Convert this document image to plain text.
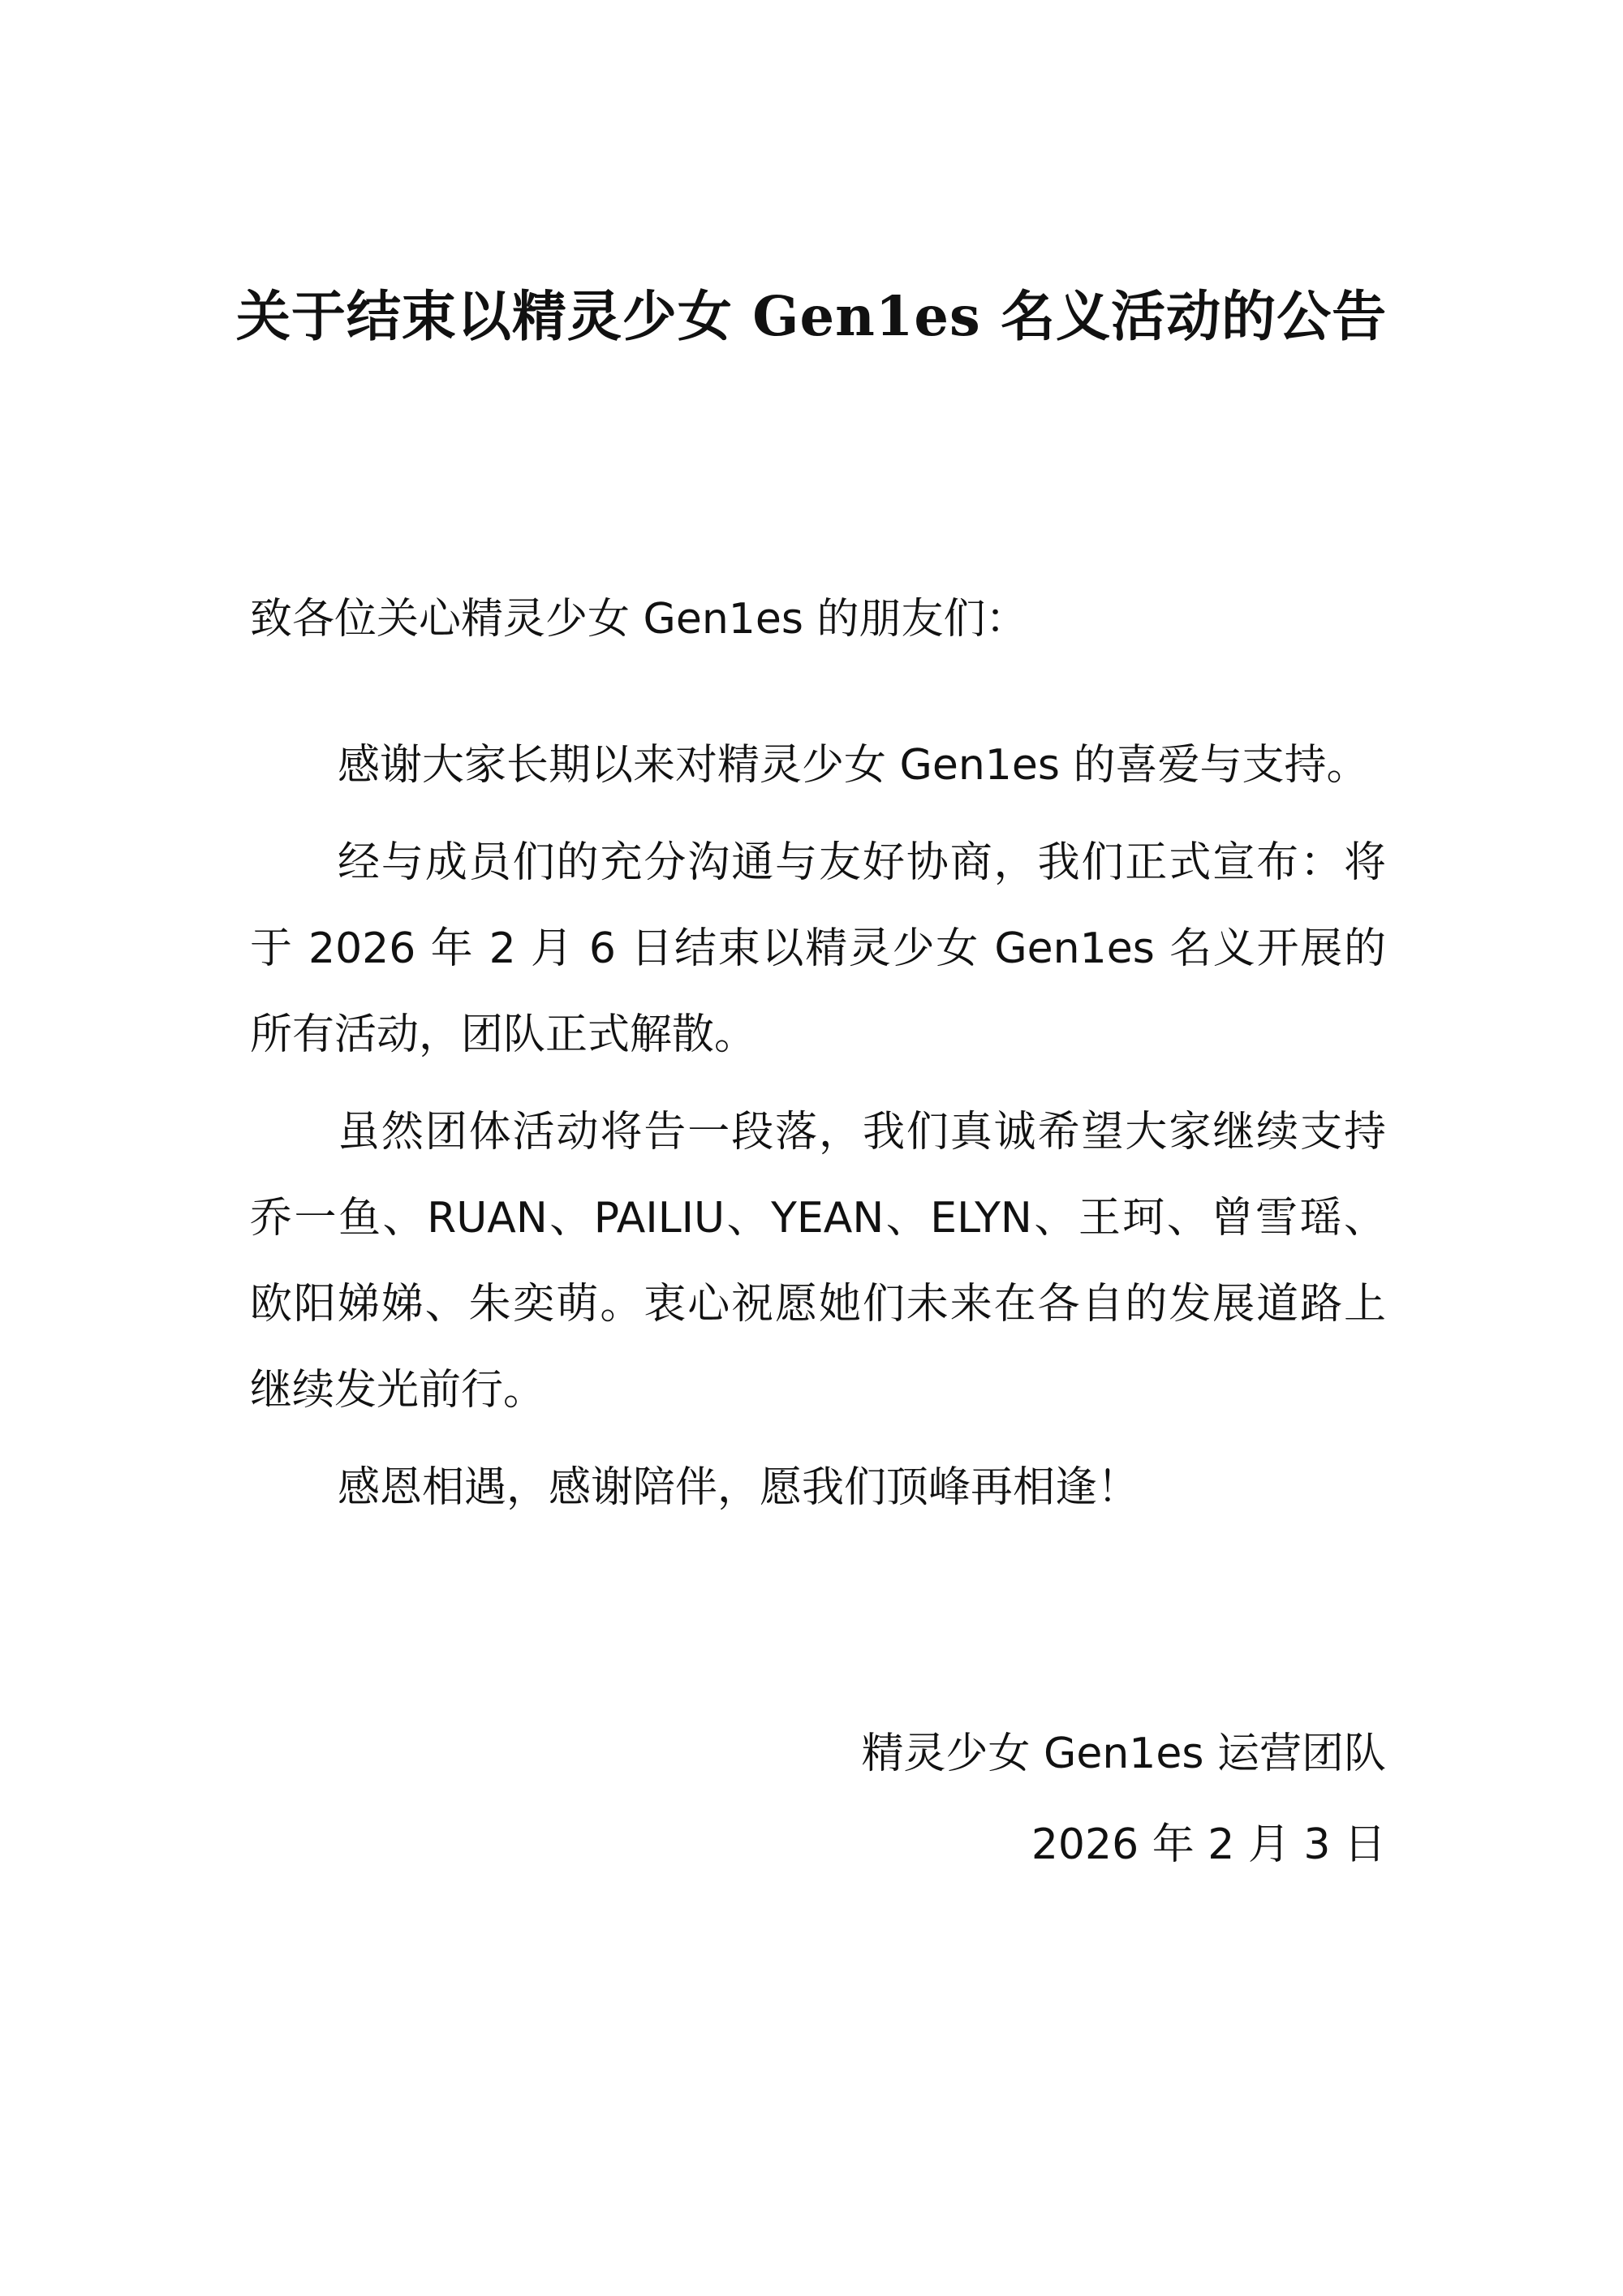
关于结束以精灵少女 Gen1es 名义活动的公告

致各位关心精灵少女 Gen1es 的朋友们：

感谢大家长期以来对精灵少女 Gen1es 的喜爱与支持。

经与成员们的充分沟通与友好协商，我们正式宣布：将于 2026 年 2 月 6 日结束以精灵少女 Gen1es 名义开展的所有活动，团队正式解散。

虽然团体活动将告一段落，我们真诚希望大家继续支持乔一鱼、RUAN、PAILIU、YEAN、ELYN、王珂、曾雪瑶、欧阳娣娣、朱奕萌。衷心祝愿她们未来在各自的发展道路上继续发光前行。

感恩相遇，感谢陪伴，愿我们顶峰再相逢！

精灵少女 Gen1es 运营团队
2026 年 2 月 3 日
